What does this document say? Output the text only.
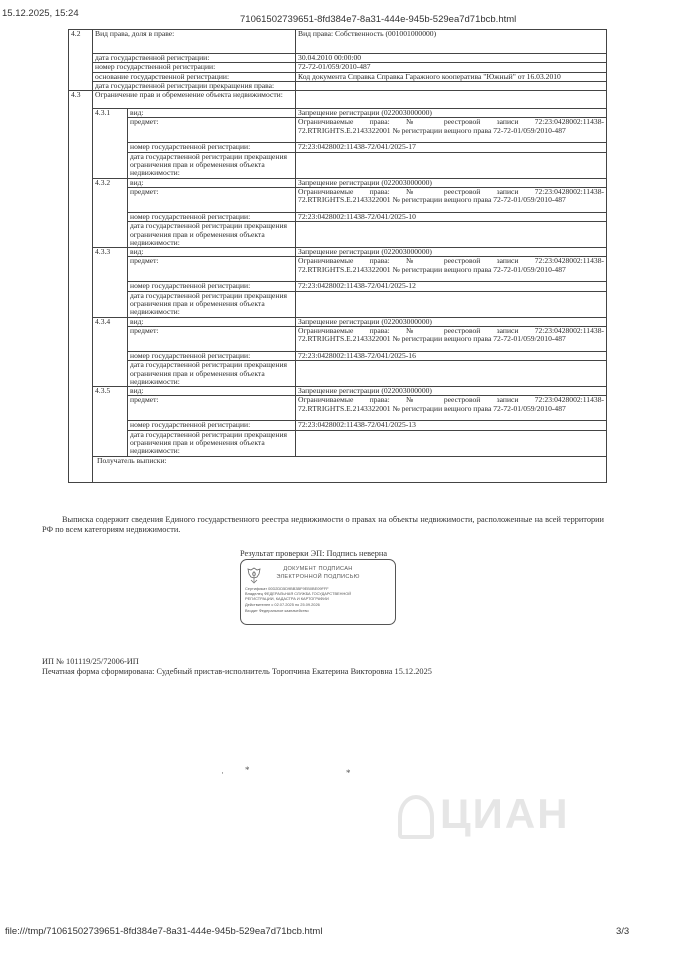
15.12.2025, 15:24
71061502739651-8fd384e7-8a31-444e-945b-529ea7d71bcb.html
4.2	Вид права, доля в праве:		Вид права: Собственность (001001000000)	
	дата государственной регистрации:		30.04.2010 00:00:00	
	номер государственной регистрации:		72-72-01/059/2010-487	
	основание государственной регистрации:		Код документа Справка Справка Гаражного кооператива "Южный" от 16.03.2010	
	дата государственной регистрации прекращения права:			
4.3	Ограничение прав и обременение объекта недвижимости:			
	4.3.1	вид:	Запрещение регистрации (022003000000)	
		предмет:	Ограничиваемые права: № реестровой записи 72:23:0428002:11438-72.RTRIGHTS.E.2143322001 № регистрации вещного права 72-72-01/059/2010-487	
		номер государственной регистрации:	72:23:0428002:11438-72/041/2025-17	
		дата государственной регистрации прекращения ограничения прав и обременения объекта недвижимости:		
	4.3.2	вид:	Запрещение регистрации (022003000000)	
		предмет:	Ограничиваемые права: № реестровой записи 72:23:0428002:11438-72.RTRIGHTS.E.2143322001 № регистрации вещного права 72-72-01/059/2010-487	
		номер государственной регистрации:	72:23:0428002:11438-72/041/2025-10	
		дата государственной регистрации прекращения ограничения прав и обременения объекта недвижимости:		
	4.3.3	вид:	Запрещение регистрации (022003000000)	
		предмет:	Ограничиваемые права: № реестровой записи 72:23:0428002:11438-72.RTRIGHTS.E.2143322001 № регистрации вещного права 72-72-01/059/2010-487	
		номер государственной регистрации:	72:23:0428002:11438-72/041/2025-12	
		дата государственной регистрации прекращения ограничения прав и обременения объекта недвижимости:		
	4.3.4	вид:	Запрещение регистрации (022003000000)	
		предмет:	Ограничиваемые права: № реестровой записи 72:23:0428002:11438-72.RTRIGHTS.E.2143322001 № регистрации вещного права 72-72-01/059/2010-487	
		номер государственной регистрации:	72:23:0428002:11438-72/041/2025-16	
		дата государственной регистрации прекращения ограничения прав и обременения объекта недвижимости:		
	4.3.5	вид:	Запрещение регистрации (022003000000)	
		предмет:	Ограничиваемые права: № реестровой записи 72:23:0428002:11438-72.RTRIGHTS.E.2143322001 № регистрации вещного права 72-72-01/059/2010-487	
		номер государственной регистрации:	72:23:0428002:11438-72/041/2025-13	
		дата государственной регистрации прекращения ограничения прав и обременения объекта недвижимости:		
	Получатель выписки:	
Выписка содержит сведения Единого государственного реестра недвижимости о правах на объекты недвижимости, расположенные на всей территории РФ по всем категориям недвижимости.
Результат проверки ЭП: Подпись неверна
ДОКУМЕНТ ПОДПИСАН
ЭЛЕКТРОННОЙ ПОДПИСЬЮ
Сертификат 00D2DD5D9BB3BF9EB0BE09FFF
Владелец ФЕДЕРАЛЬНАЯ СЛУЖБА ГОСУДАРСТВЕННОЙ
РЕГИСТРАЦИИ, КАДАСТРА И КАРТОГРАФИИ
Действителен с 02.07.2025 по 25.09.2026
Входит Федеральное казначейство
ИП № 101119/25/72006-ИП
Печатная форма сформирована: Судебный пристав-исполнитель Торопчина Екатерина Викторовна 15.12.2025
· *	*
ЦИАН
file:///tmp/71061502739651-8fd384e7-8a31-444e-945b-529ea7d71bcb.html	3/3
